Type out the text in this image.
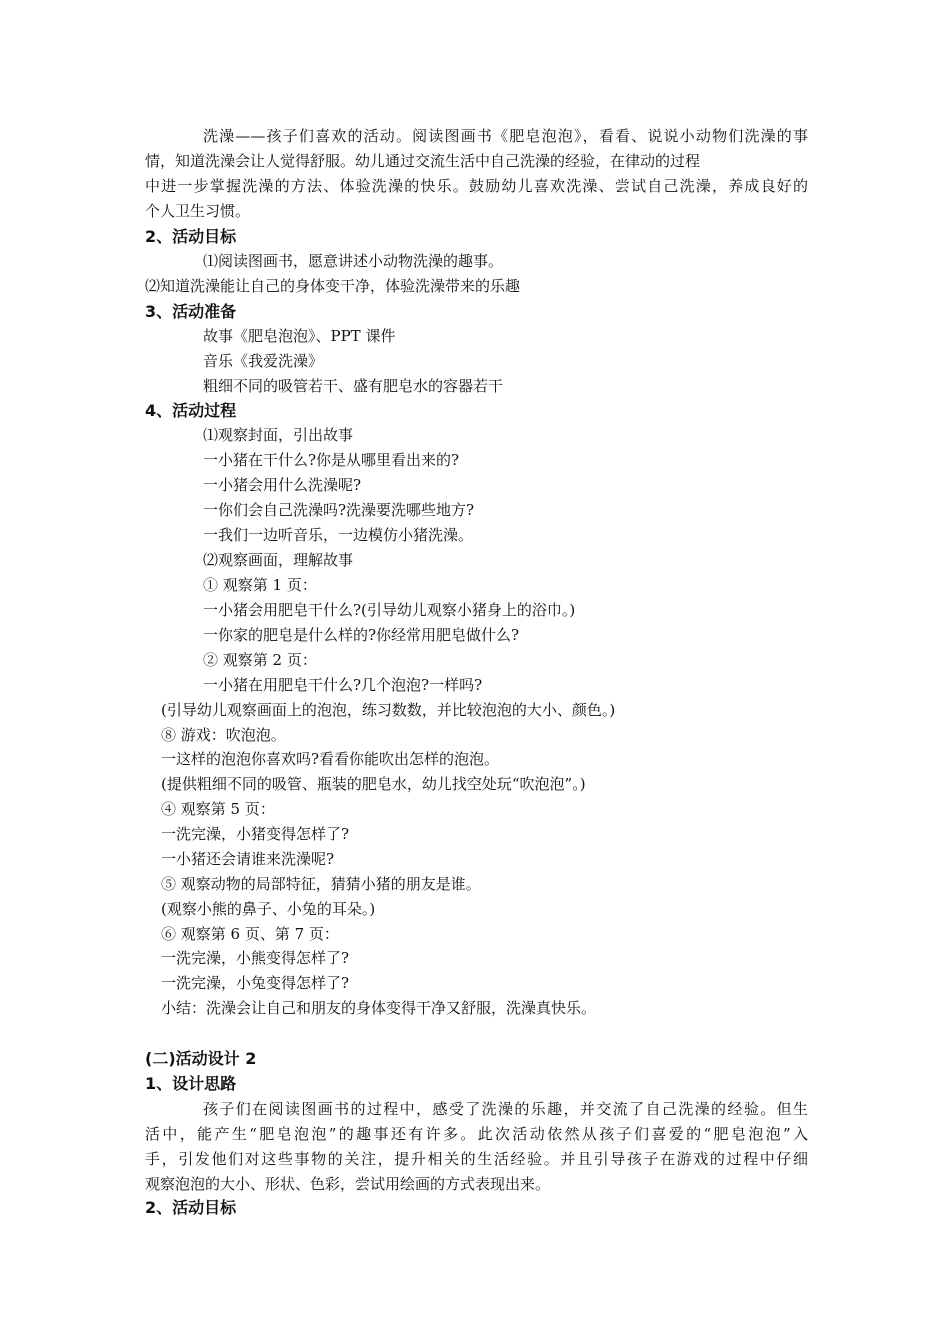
洗澡——孩子们喜欢的活动。阅读图画书《肥皂泡泡》，看看、说说小动物们洗澡的事
情，知道洗澡会让人觉得舒服。幼儿通过交流生活中自己洗澡的经验，在律动的过程
中进一步掌握洗澡的方法、体验洗澡的快乐。鼓励幼儿喜欢洗澡、尝试自己洗澡，养成良好的
个人卫生习惯。
2、活动目标
⑴阅读图画书，愿意讲述小动物洗澡的趣事。
⑵知道洗澡能让自己的身体变干净，体验洗澡带来的乐趣
3、活动准备
故事《肥皂泡泡》、PPT 课件
音乐《我爱洗澡》
粗细不同的吸管若干、盛有肥皂水的容器若干
4、活动过程
⑴观察封面，引出故事
一小猪在干什么?你是从哪里看出来的?
一小猪会用什么洗澡呢?
一你们会自己洗澡吗?洗澡要洗哪些地方?
一我们一边听音乐，一边模仿小猪洗澡。
⑵观察画面，理解故事
① 观察第 1 页：
一小猪会用肥皂干什么?(引导幼儿观察小猪身上的浴巾。)
一你家的肥皂是什么样的?你经常用肥皂做什么?
② 观察第 2 页：
一小猪在用肥皂干什么?几个泡泡?一样吗?
(引导幼儿观察画面上的泡泡，练习数数，并比较泡泡的大小、颜色。)
⑧ 游戏：吹泡泡。
一这样的泡泡你喜欢吗?看看你能吹出怎样的泡泡。
(提供粗细不同的吸管、瓶装的肥皂水，幼儿找空处玩“吹泡泡”。)
④ 观察第 5 页：
一洗完澡，小猪变得怎样了?
一小猪还会请谁来洗澡呢?
⑤ 观察动物的局部特征，猜猜小猪的朋友是谁。
(观察小熊的鼻子、小兔的耳朵。)
⑥ 观察第 6 页、第 7 页：
一洗完澡，小熊变得怎样了?
一洗完澡，小兔变得怎样了?
小结：洗澡会让自己和朋友的身体变得干净又舒服，洗澡真快乐。
(二)活动设计 2
1、设计思路
孩子们在阅读图画书的过程中，感受了洗澡的乐趣，并交流了自己洗澡的经验。但生
活中，能产生“肥皂泡泡”的趣事还有许多。此次活动依然从孩子们喜爱的“肥皂泡泡”入
手，引发他们对这些事物的关注，提升相关的生活经验。并且引导孩子在游戏的过程中仔细
观察泡泡的大小、形状、色彩，尝试用绘画的方式表现出来。
2、活动目标
